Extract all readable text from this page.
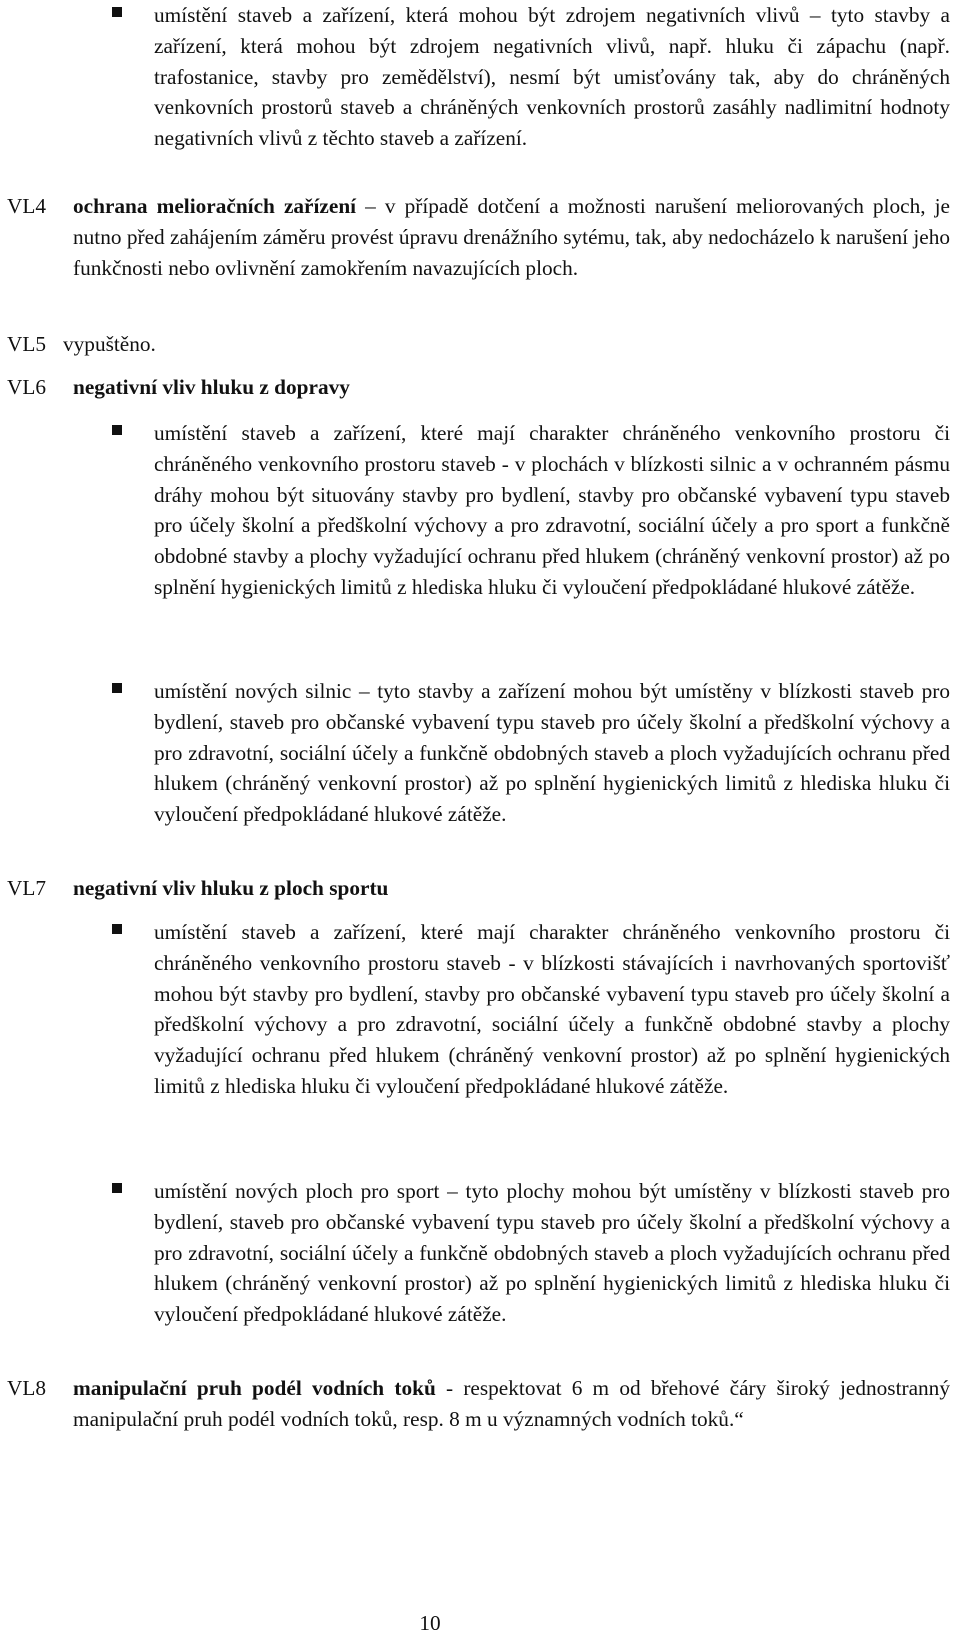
umístění staveb a zařízení, která mohou být zdrojem negativních vlivů – tyto stavby a zařízení, která mohou být zdrojem negativních vlivů, např. hluku či zápachu (např. trafostanice, stavby pro zemědělství), nesmí být umisťovány tak, aby do chráněných venkovních prostorů staveb a chráněných venkovních prostorů zasáhly nadlimitní hodnoty negativních vlivů z těchto staveb a zařízení.
VL4 ochrana melioračních zařízení – v případě dotčení a možnosti narušení meliorovaných ploch, je nutno před zahájením záměru provést úpravu drenážního sytému, tak, aby nedocházelo k narušení jeho funkčnosti nebo ovlivnění zamokřením navazujících ploch.
VL5 vypuštěno.
VL6 negativní vliv hluku z dopravy
umístění staveb a zařízení, které mají charakter chráněného venkovního prostoru či chráněného venkovního prostoru staveb - v plochách v blízkosti silnic a v ochranném pásmu dráhy mohou být situovány stavby pro bydlení, stavby pro občanské vybavení typu staveb pro účely školní a předškolní výchovy a pro zdravotní, sociální účely a pro sport a funkčně obdobné stavby a plochy vyžadující ochranu před hlukem (chráněný venkovní prostor) až po splnění hygienických limitů z hlediska hluku či vyloučení předpokládané hlukové zátěže.
umístění nových silnic – tyto stavby a zařízení mohou být umístěny v blízkosti staveb pro bydlení, staveb pro občanské vybavení typu staveb pro účely školní a předškolní výchovy a pro zdravotní, sociální účely a funkčně obdobných staveb a ploch vyžadujících ochranu před hlukem (chráněný venkovní prostor) až po splnění hygienických limitů z hlediska hluku či vyloučení předpokládané hlukové zátěže.
VL7 negativní vliv hluku z ploch sportu
umístění staveb a zařízení, které mají charakter chráněného venkovního prostoru či chráněného venkovního prostoru staveb - v blízkosti stávajících i navrhovaných sportovišť mohou být stavby pro bydlení, stavby pro občanské vybavení typu staveb pro účely školní a předškolní výchovy a pro zdravotní, sociální účely a funkčně obdobné stavby a plochy vyžadující ochranu před hlukem (chráněný venkovní prostor) až po splnění hygienických limitů z hlediska hluku či vyloučení předpokládané hlukové zátěže.
umístění nových ploch pro sport – tyto plochy mohou být umístěny v blízkosti staveb pro bydlení, staveb pro občanské vybavení typu staveb pro účely školní a předškolní výchovy a pro zdravotní, sociální účely a funkčně obdobných staveb a ploch vyžadujících ochranu před hlukem (chráněný venkovní prostor) až po splnění hygienických limitů z hlediska hluku či vyloučení předpokládané hlukové zátěže.
VL8 manipulační pruh podél vodních toků - respektovat 6 m od břehové čáry široký jednostranný manipulační pruh podél vodních toků, resp. 8 m u významných vodních toků.“
10
